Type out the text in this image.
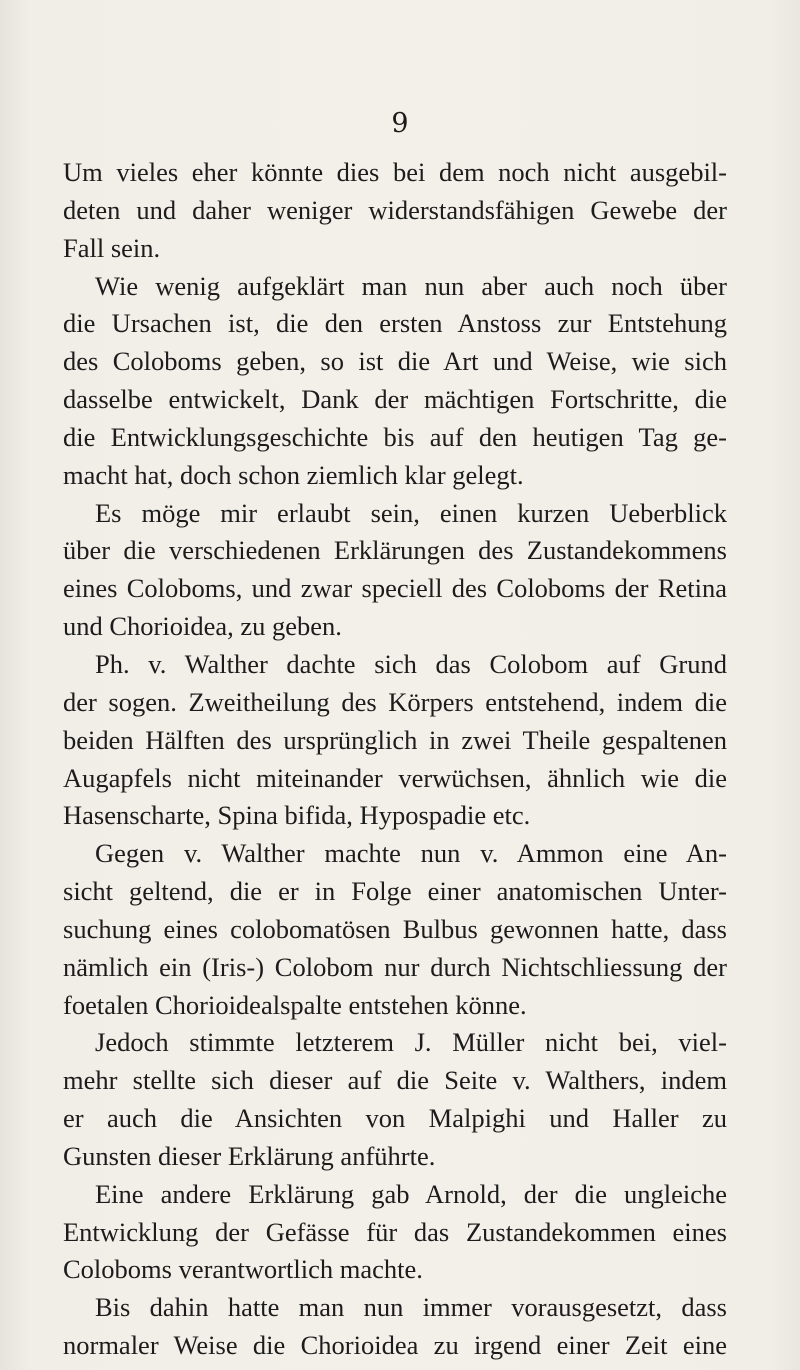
9
Um vieles eher könnte dies bei dem noch nicht ausgebil-
deten und daher weniger widerstandsfähigen Gewebe der
Fall sein.
Wie wenig aufgeklärt man nun aber auch noch über
die Ursachen ist, die den ersten Anstoss zur Entstehung
des Coloboms geben, so ist die Art und Weise, wie sich
dasselbe entwickelt, Dank der mächtigen Fortschritte, die
die Entwicklungsgeschichte bis auf den heutigen Tag ge-
macht hat, doch schon ziemlich klar gelegt.
Es möge mir erlaubt sein, einen kurzen Ueberblick
über die verschiedenen Erklärungen des Zustandekommens
eines Coloboms, und zwar speciell des Coloboms der Retina
und Chorioidea, zu geben.
Ph. v. Walther dachte sich das Colobom auf Grund
der sogen. Zweitheilung des Körpers entstehend, indem die
beiden Hälften des ursprünglich in zwei Theile gespaltenen
Augapfels nicht miteinander verwüchsen, ähnlich wie die
Hasenscharte, Spina bifida, Hypospadie etc.
Gegen v. Walther machte nun v. Ammon eine An-
sicht geltend, die er in Folge einer anatomischen Unter-
suchung eines colobomatösen Bulbus gewonnen hatte, dass
nämlich ein (Iris-) Colobom nur durch Nichtschliessung der
foetalen Chorioidealspalte entstehen könne.
Jedoch stimmte letzterem J. Müller nicht bei, viel-
mehr stellte sich dieser auf die Seite v. Walthers, indem
er auch die Ansichten von Malpighi und Haller zu
Gunsten dieser Erklärung anführte.
Eine andere Erklärung gab Arnold, der die ungleiche
Entwicklung der Gefässe für das Zustandekommen eines
Coloboms verantwortlich machte.
Bis dahin hatte man nun immer vorausgesetzt, dass
normaler Weise die Chorioidea zu irgend einer Zeit eine
